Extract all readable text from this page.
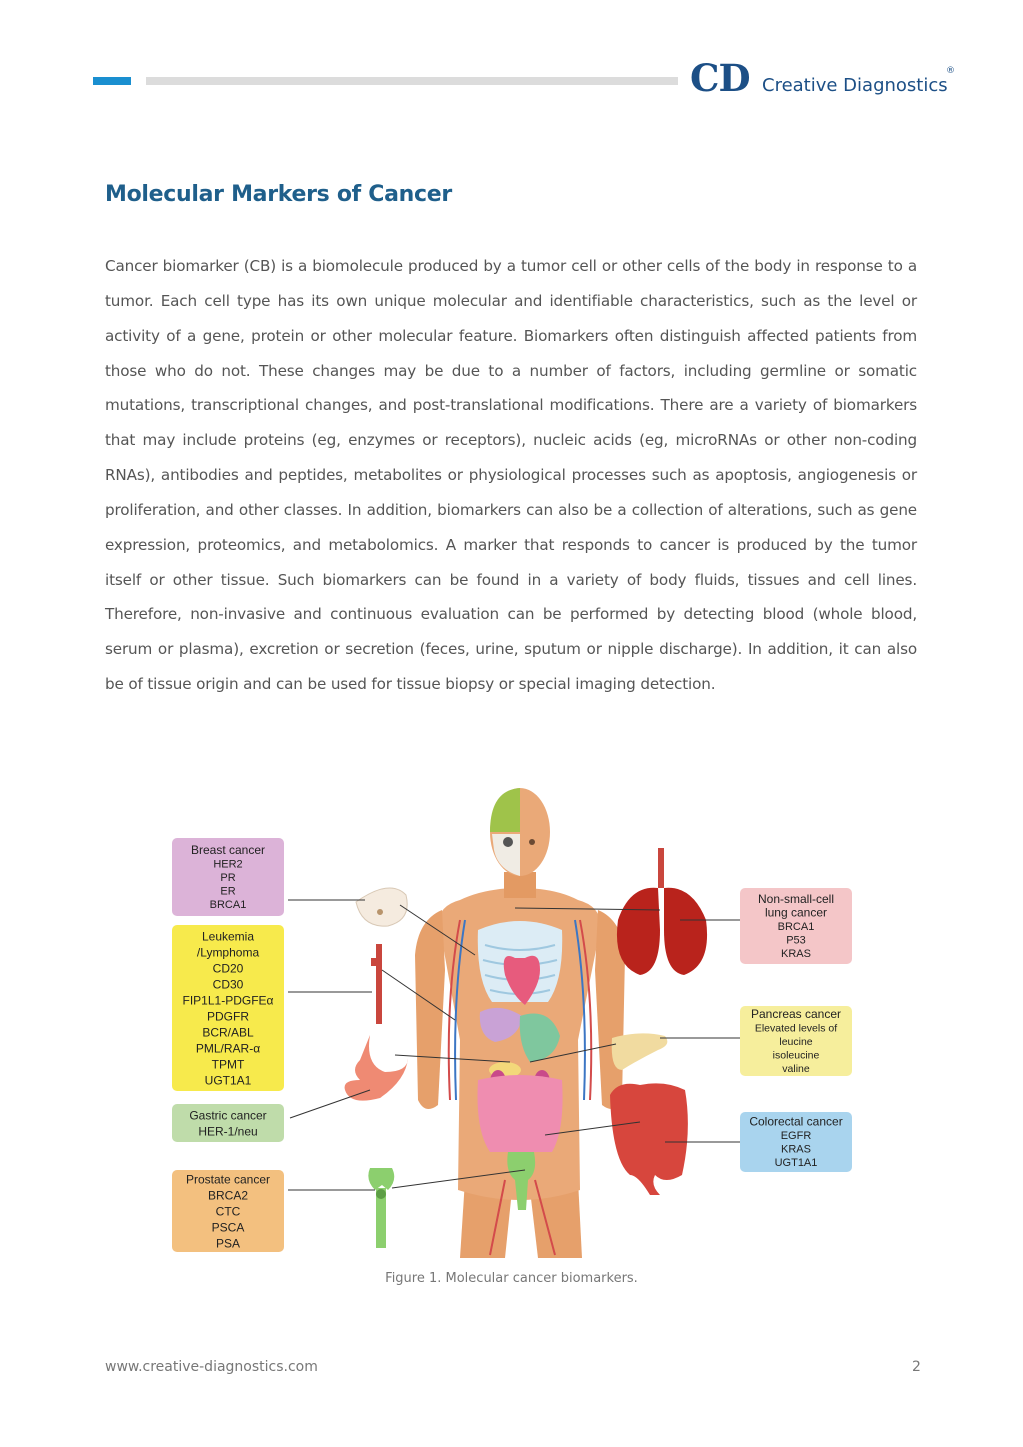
CD Creative Diagnostics
®
Molecular Markers of Cancer

Cancer biomarker (CB) is a biomolecule produced by a tumor cell or other cells of the body in response to a tumor. Each cell type has its own unique molecular and identifiable characteristics, such as the level or activity of a gene, protein or other molecular feature. Biomarkers often distinguish affected patients from those who do not. These changes may be due to a number of factors, including germline or somatic mutations, transcriptional changes, and post-translational modifications. There are a variety of biomarkers that may include proteins (eg, enzymes or receptors), nucleic acids (eg, microRNAs or other non-coding RNAs), antibodies and peptides, metabolites or physiological processes such as apoptosis, angiogenesis or proliferation, and other classes. In addition, biomarkers can also be a collection of alterations, such as gene expression, proteomics, and metabolomics. A marker that responds to cancer is produced by the tumor itself or other tissue. Such biomarkers can be found in a variety of body fluids, tissues and cell lines. Therefore, non-invasive and continuous evaluation can be performed by detecting blood (whole blood, serum or plasma), excretion or secretion (feces, urine, sputum or nipple discharge). In addition, it can also be of tissue origin and can be used for tissue biopsy or special imaging detection.

Breast cancer
HER2
PR
ER
BRCA1
Leukemia
/Lymphoma
CD20
CD30
FIP1L1-PDGFEα
PDGFR
BCR/ABL
PML/RAR-α
TPMT
UGT1A1
Gastric cancer
HER-1/neu
Prostate cancer
BRCA2
CTC
PSCA
PSA
Non-small-cell
lung cancer
BRCA1
P53
KRAS
Pancreas cancer
Elevated levels of
leucine
isoleucine
valine
Colorectal cancer
EGFR
KRAS
UGT1A1
Figure 1. Molecular cancer biomarkers.
www.creative-diagnostics.com	2
